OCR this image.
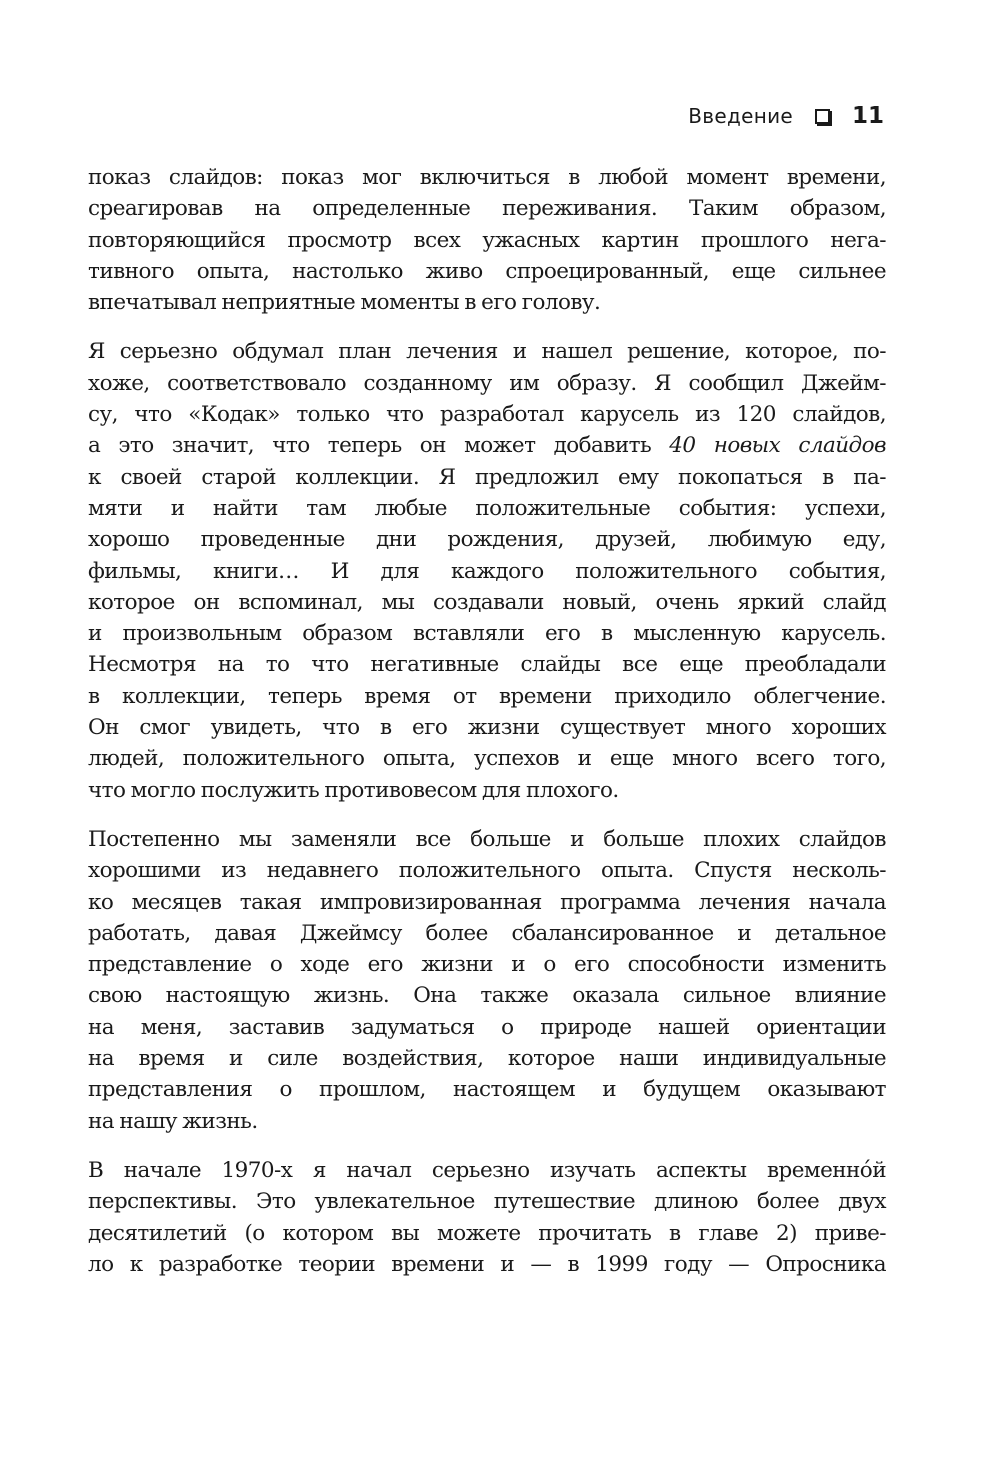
Введение	11
показ слайдов: показ мог включиться в любой момент времени,
среагировав на определенные переживания. Таким образом,
повторяющийся просмотр всех ужасных картин прошлого нега-
тивного опыта, настолько живо спроецированный, еще сильнее
впечатывал неприятные моменты в его голову.
Я серьезно обдумал план лечения и нашел решение, которое, по-
хоже, соответствовало созданному им образу. Я сообщил Джейм-
су, что «Кодак» только что разработал карусель из 120 слайдов,
а это значит, что теперь он может добавить 40 новых слайдов
к своей старой коллекции. Я предложил ему покопаться в па-
мяти и найти там любые положительные события: успехи,
хорошо проведенные дни рождения, друзей, любимую еду,
фильмы, книги… И для каждого положительного события,
которое он вспоминал, мы создавали новый, очень яркий слайд
и произвольным образом вставляли его в мысленную карусель.
Несмотря на то что негативные слайды все еще преобладали
в коллекции, теперь время от времени приходило облегчение.
Он смог увидеть, что в его жизни существует много хороших
людей, положительного опыта, успехов и еще много всего того,
что могло послужить противовесом для плохого.
Постепенно мы заменяли все больше и больше плохих слайдов
хорошими из недавнего положительного опыта. Спустя несколь-
ко месяцев такая импровизированная программа лечения начала
работать, давая Джеймсу более сбалансированное и детальное
представление о ходе его жизни и о его способности изменить
свою настоящую жизнь. Она также оказала сильное влияние
на меня, заставив задуматься о природе нашей ориентации
на время и силе воздействия, которое наши индивидуальные
представления о прошлом, настоящем и будущем оказывают
на нашу жизнь.
В начале 1970-х я начал серьезно изучать аспекты временно́й
перспективы. Это увлекательное путешествие длиною более двух
десятилетий (о котором вы можете прочитать в главе 2) приве-
ло к разработке теории времени и — в 1999 году — Опросника
